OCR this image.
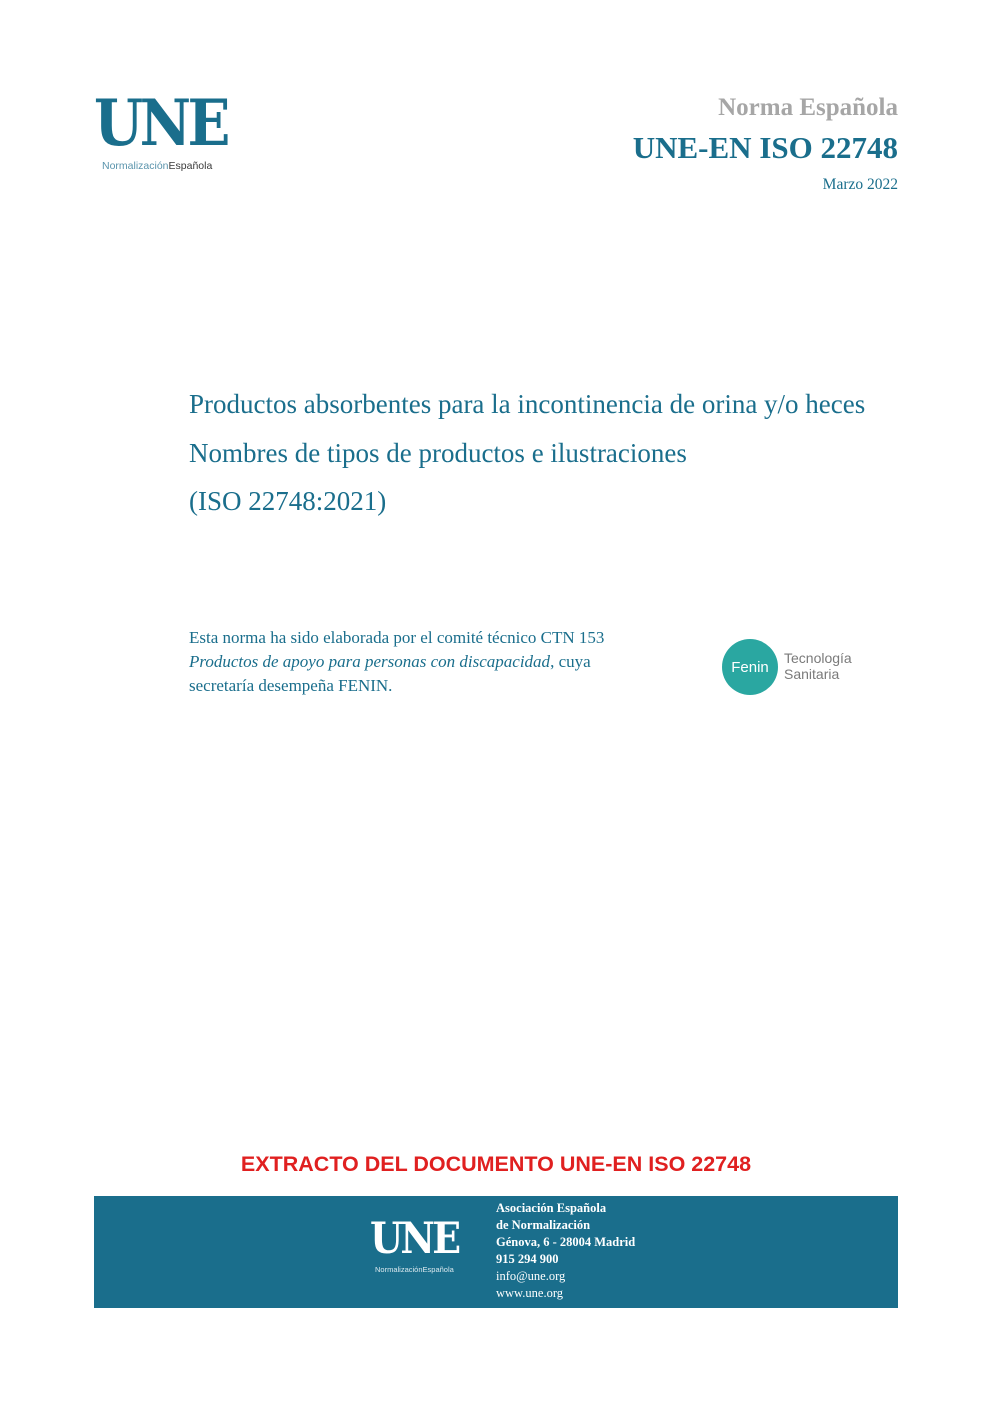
UNE
NormalizaciónEspañola
Norma Española
UNE-EN ISO 22748
Marzo 2022
Productos absorbentes para la incontinencia de orina y/o heces
Nombres de tipos de productos e ilustraciones
(ISO 22748:2021)
Esta norma ha sido elaborada por el comité técnico CTN 153 Productos de apoyo para personas con discapacidad, cuya secretaría desempeña FENIN.
Fenin
Tecnología
Sanitaria
EXTRACTO DEL DOCUMENTO UNE-EN ISO 22748
UNE
NormalizaciónEspañola
Asociación Española
de Normalización
Génova, 6 - 28004 Madrid
915 294 900
info@une.org
www.une.org
